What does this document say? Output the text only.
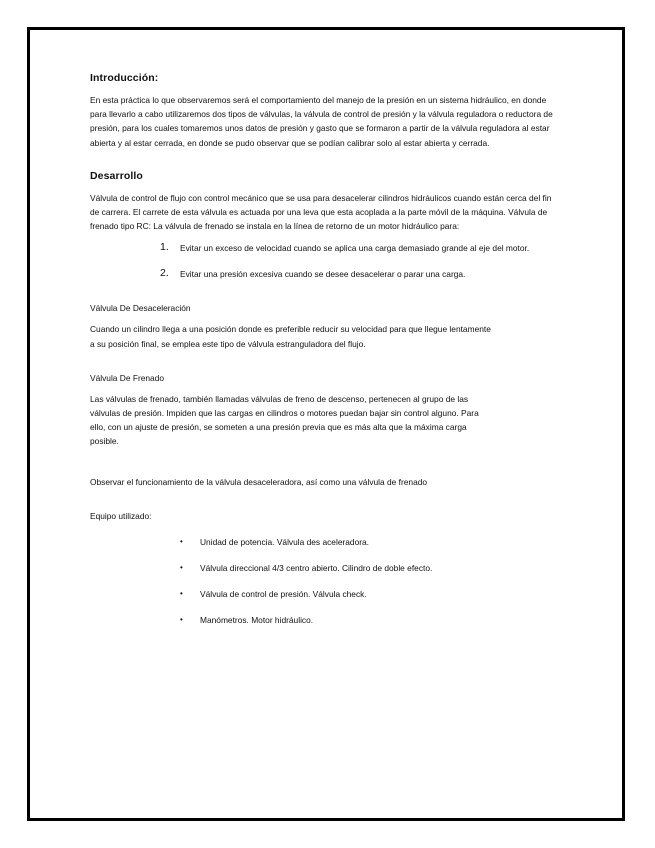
Introducción:

En esta práctica lo que observaremos será el comportamiento del manejo de la presión en un sistema hidráulico, en donde para llevarlo a cabo utilizaremos dos tipos de válvulas, la válvula de control de presión y la válvula reguladora o reductora de presión, para los cuales tomaremos unos datos de presión y gasto que se formaron a partir de la válvula reguladora al estar abierta y al estar cerrada, en donde se pudo observar que se podían calibrar solo al estar abierta y cerrada.

Desarrollo

Válvula de control de flujo con control mecánico que se usa para desacelerar cilindros hidráulicos cuando están cerca del fin de carrera. El carrete de esta válvula es actuada por una leva que esta acoplada a la parte móvil de la máquina. Válvula de frenado tipo RC: La válvula de frenado se instala en la línea de retorno de un motor hidráulico para:

1. Evitar un exceso de velocidad cuando se aplica una carga demasiado grande al eje del motor.
2. Evitar una presión excesiva cuando se desee desacelerar o parar una carga.
Válvula De Desaceleración

Cuando un cilindro llega a una posición donde es preferible reducir su velocidad para que llegue lentamente a su posición final, se emplea este tipo de válvula estranguladora del flujo.

Válvula De Frenado

Las válvulas de frenado, también llamadas válvulas de freno de descenso, pertenecen al grupo de las válvulas de presión. Impiden que las cargas en cilindros o motores puedan bajar sin control alguno. Para ello, con un ajuste de presión, se someten a una presión previa que es más alta que la máxima carga posible.

Observar el funcionamiento de la válvula desaceleradora, así como una válvula de frenado

Equipo utilizado:
• Unidad de potencia. Válvula des aceleradora.
• Válvula direccional 4/3 centro abierto. Cilindro de doble efecto.
• Válvula de control de presión. Válvula check.
• Manómetros. Motor hidráulico.
